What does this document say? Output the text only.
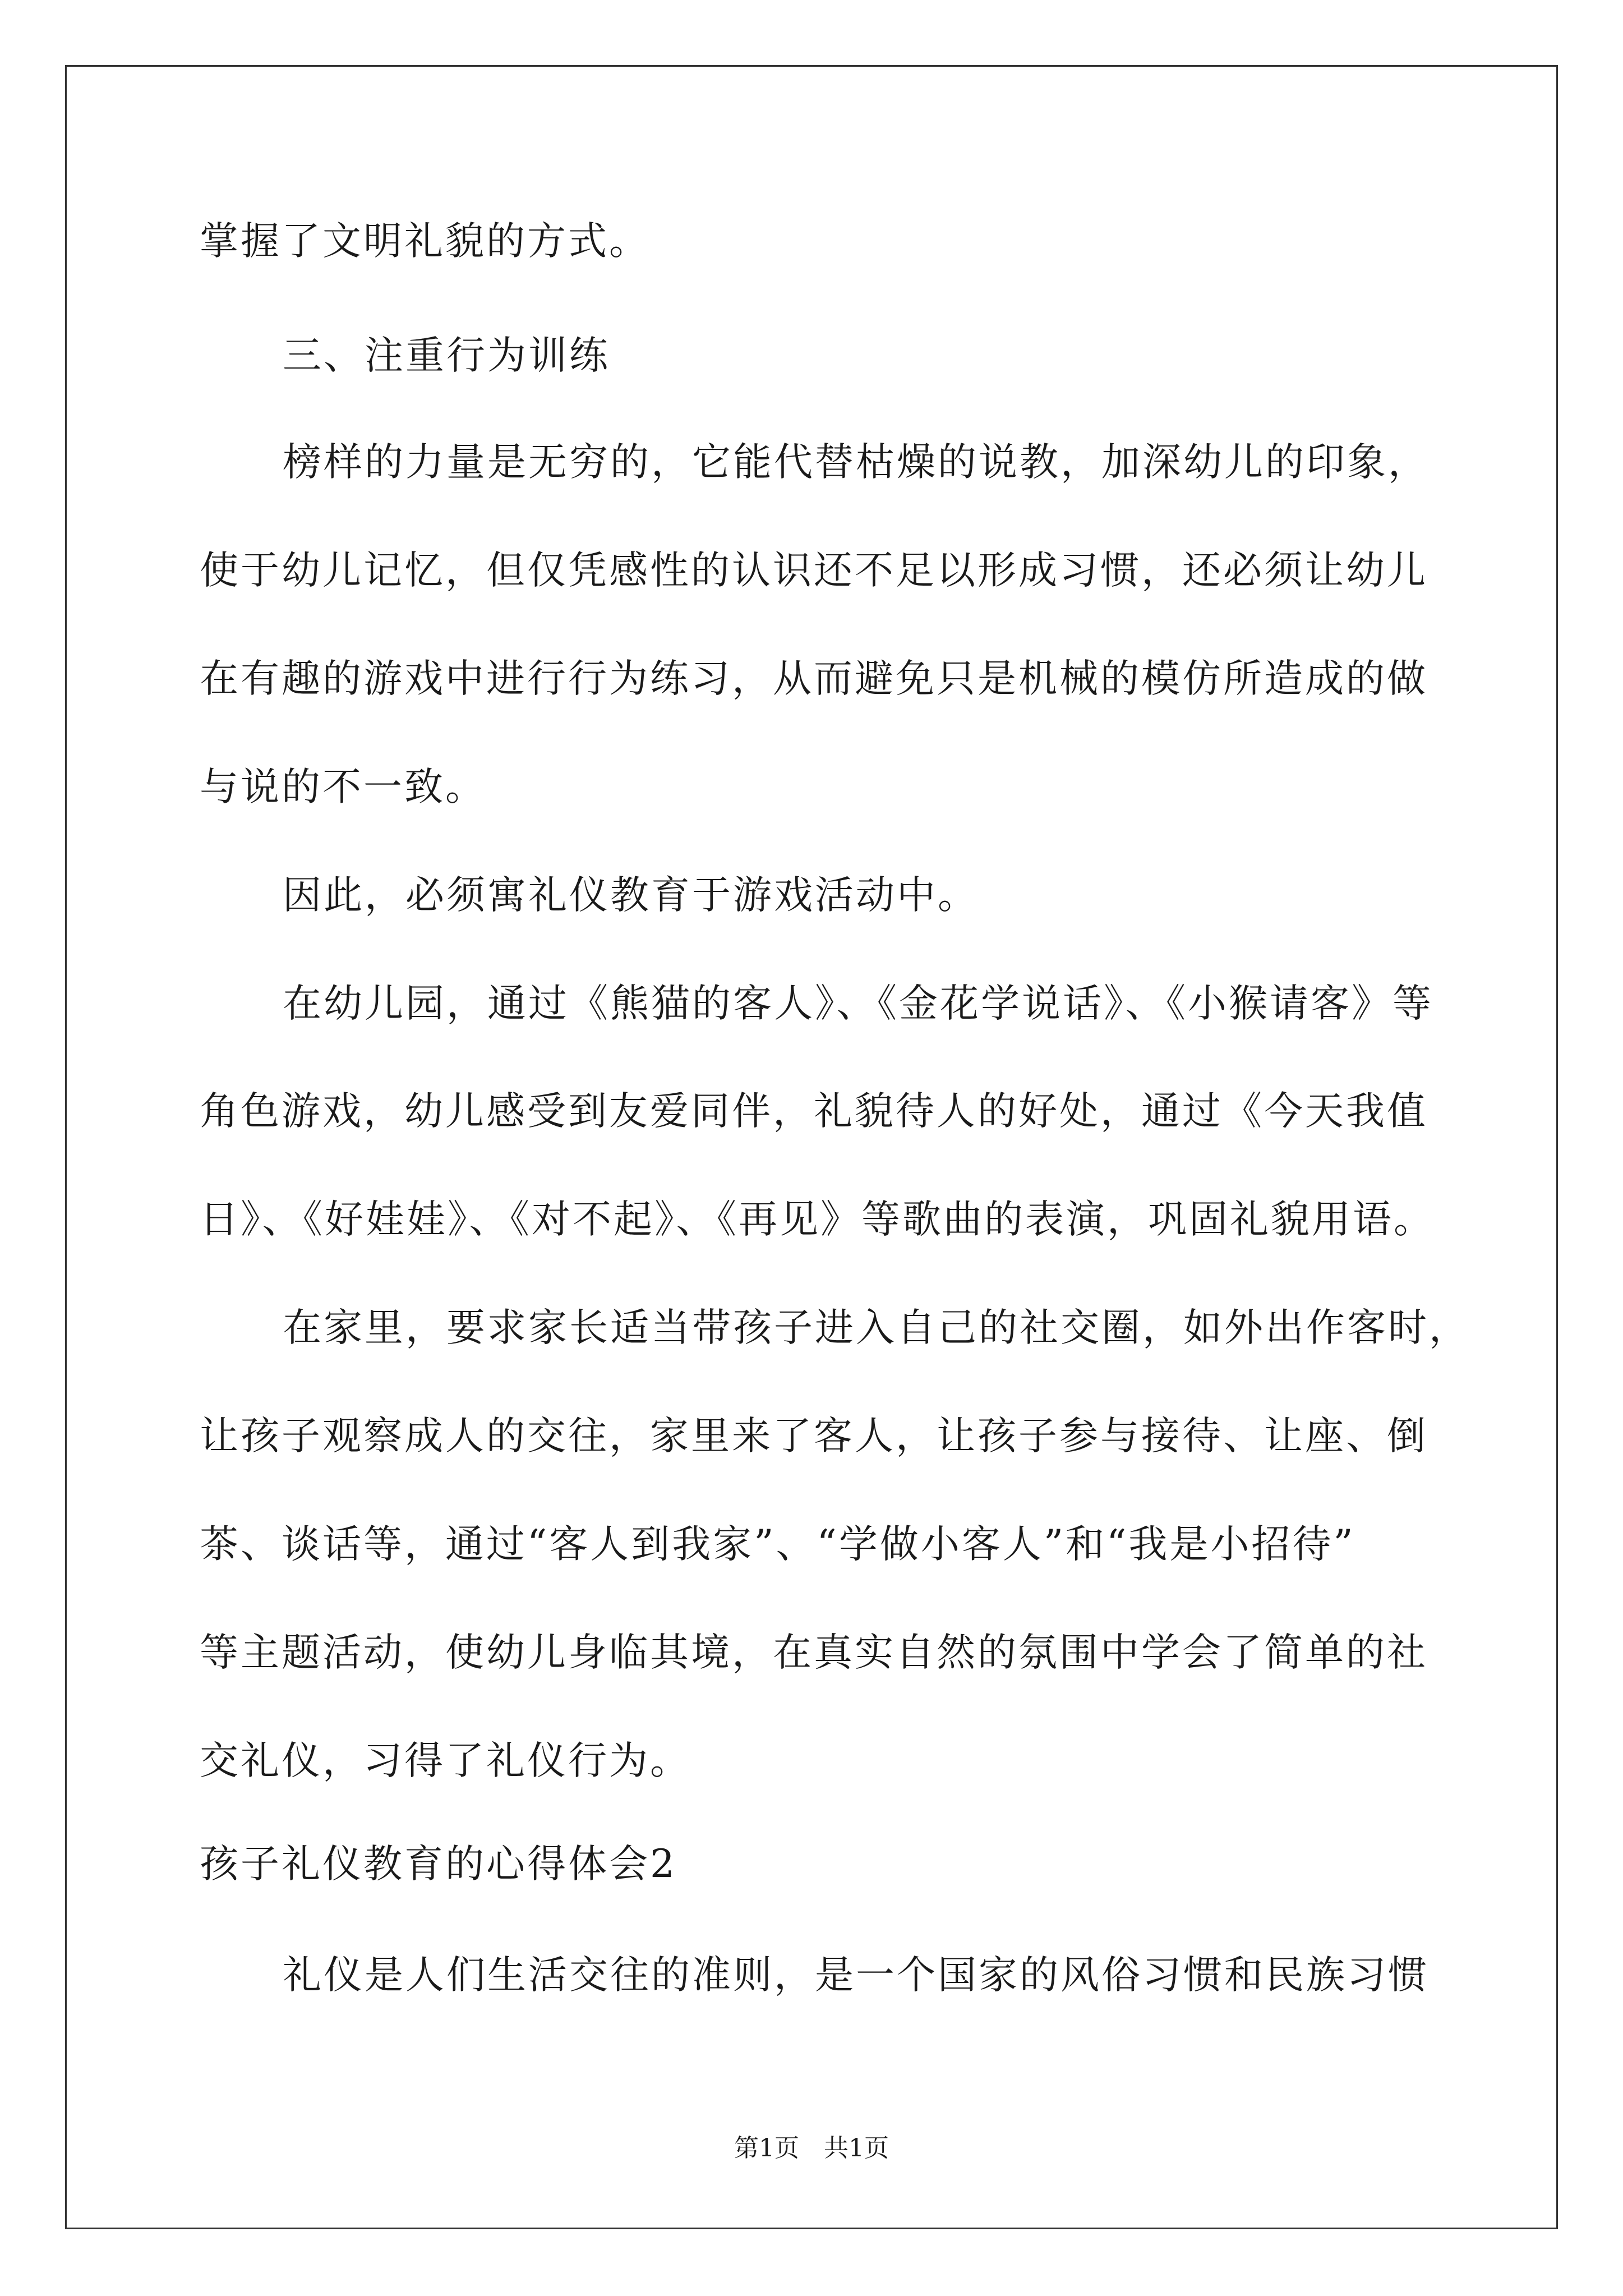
掌握了文明礼貌的方式。
三、注重行为训练
榜样的力量是无穷的，它能代替枯燥的说教，加深幼儿的印象，
使于幼儿记忆，但仅凭感性的认识还不足以形成习惯，还必须让幼儿
在有趣的游戏中进行行为练习，从而避免只是机械的模仿所造成的做
与说的不一致。
因此，必须寓礼仪教育于游戏活动中。
在幼儿园，通过《熊猫的客人》、《金花学说话》、《小猴请客》等
角色游戏，幼儿感受到友爱同伴，礼貌待人的好处，通过《今天我值
日》、《好娃娃》、《对不起》、《再见》等歌曲的表演，巩固礼貌用语。
在家里，要求家长适当带孩子进入自己的社交圈，如外出作客时，
让孩子观察成人的交往，家里来了客人，让孩子参与接待、让座、倒
茶、谈话等，通过“客人到我家”、“学做小客人”和“我是小招待”
等主题活动，使幼儿身临其境，在真实自然的氛围中学会了简单的社
交礼仪，习得了礼仪行为。
孩子礼仪教育的心得体会2
礼仪是人们生活交往的准则，是一个国家的风俗习惯和民族习惯
第1页　共1页
